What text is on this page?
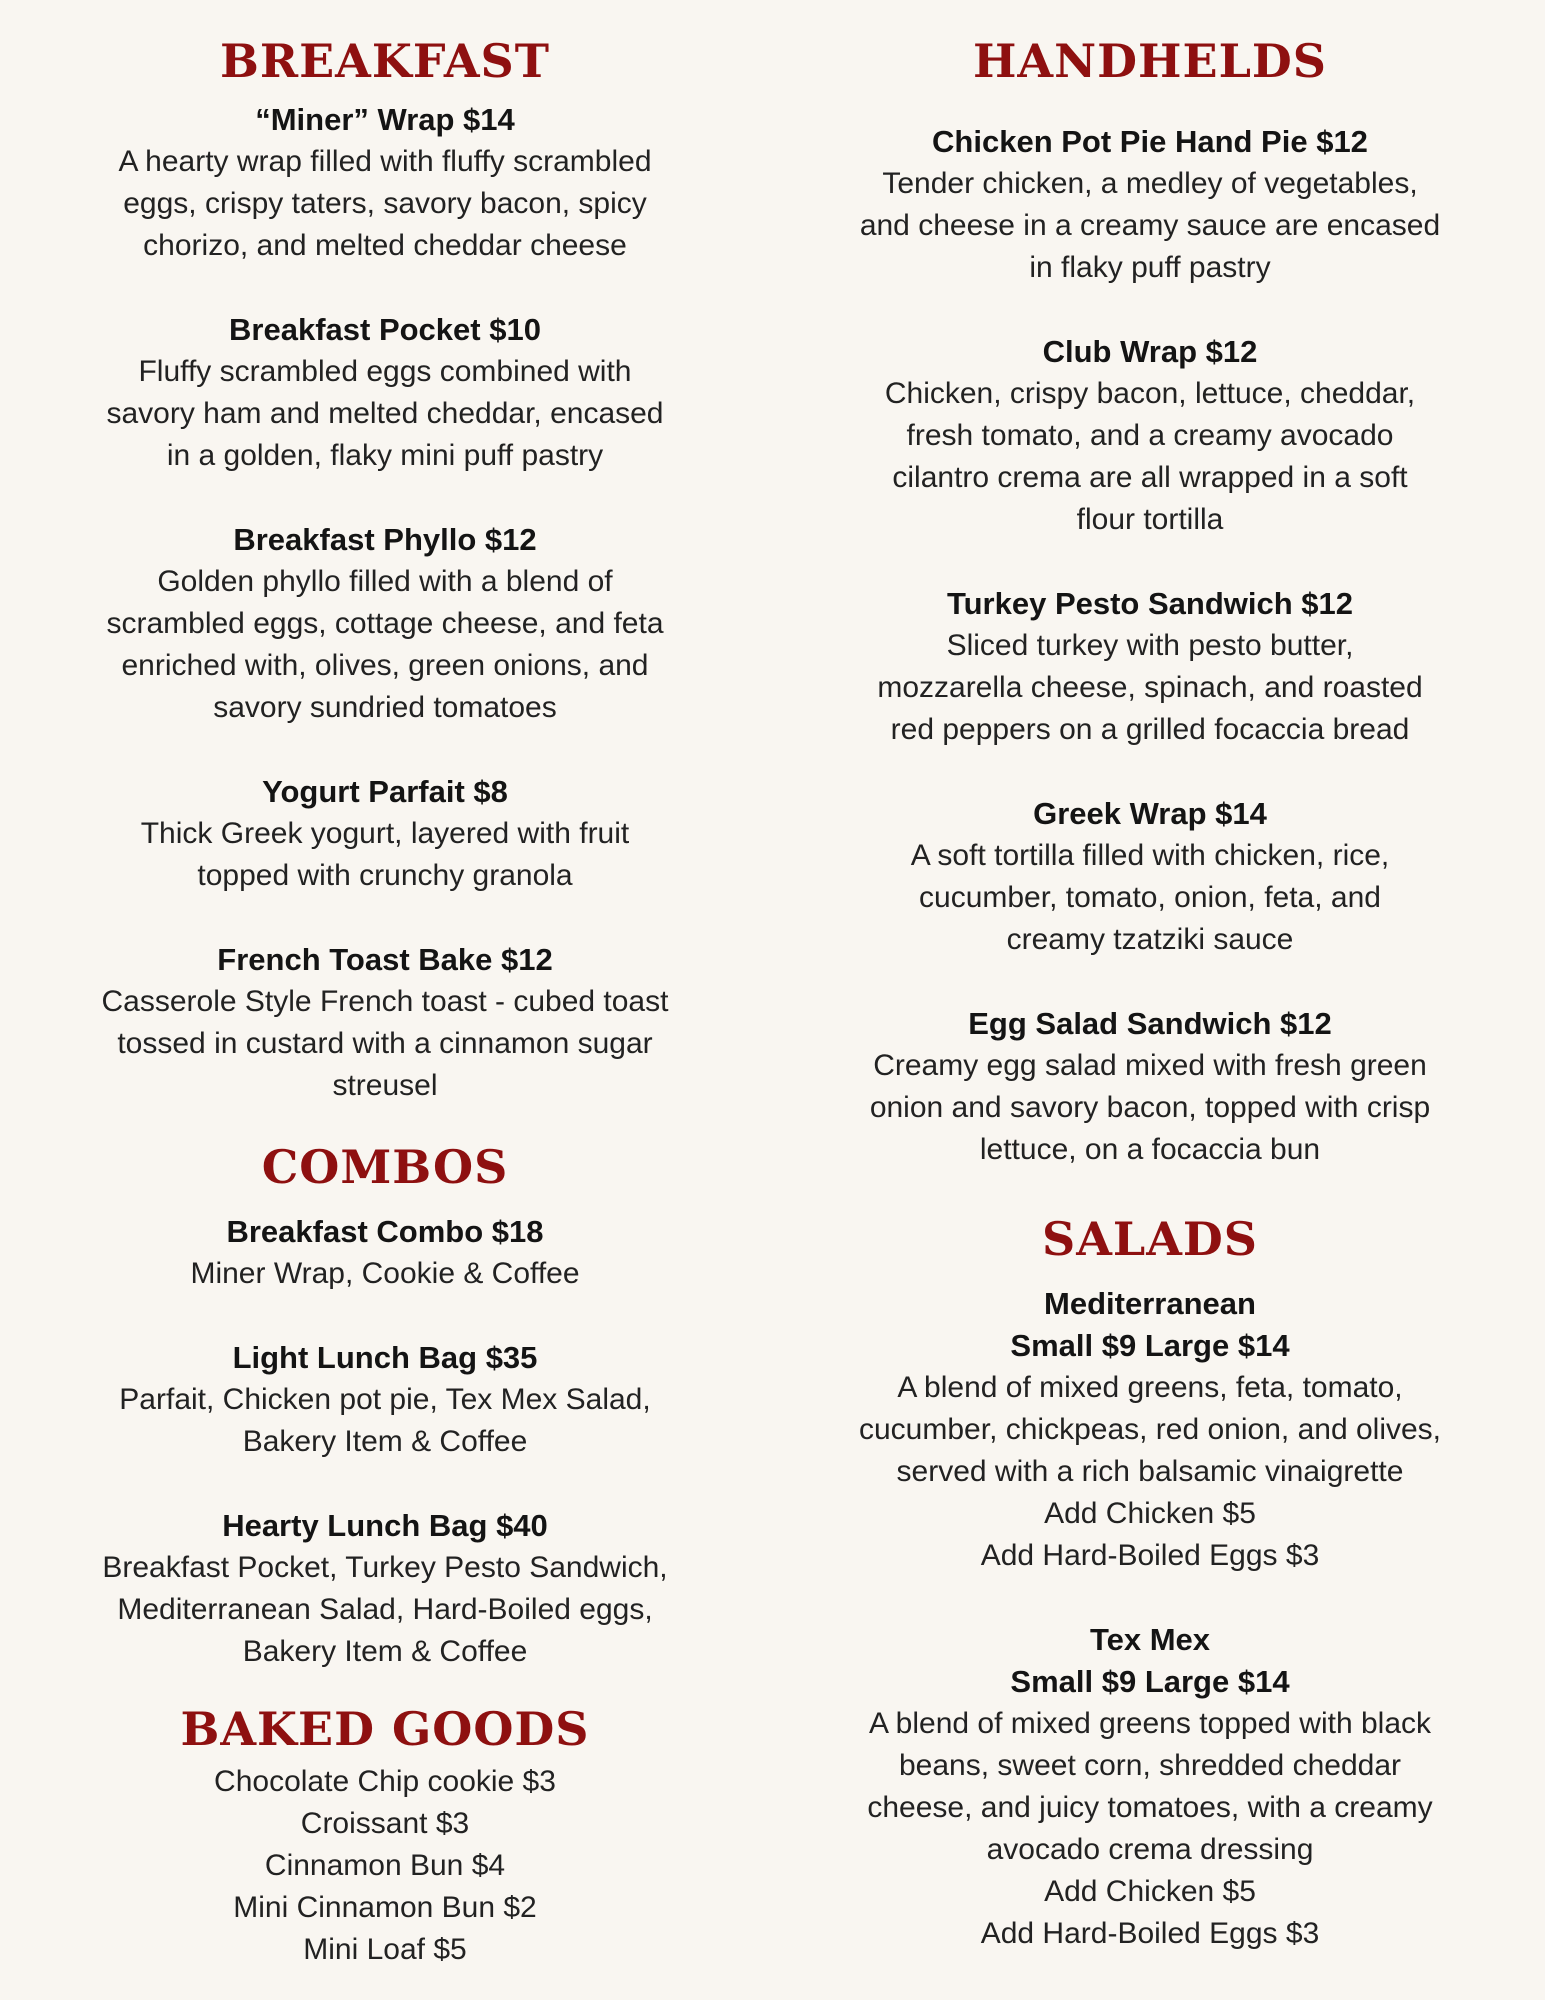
BREAKFAST
“Miner” Wrap $14
A hearty wrap filled with fluffy scrambled
eggs, crispy taters, savory bacon, spicy
chorizo, and melted cheddar cheese
Breakfast Pocket $10
Fluffy scrambled eggs combined with
savory ham and melted cheddar, encased
in a golden, flaky mini puff pastry
Breakfast Phyllo $12
Golden phyllo filled with a blend of
scrambled eggs, cottage cheese, and feta
enriched with, olives, green onions, and
savory sundried tomatoes
Yogurt Parfait $8
Thick Greek yogurt, layered with fruit
topped with crunchy granola
French Toast Bake $12
Casserole Style French toast - cubed toast
tossed in custard with a cinnamon sugar
streusel
COMBOS
Breakfast Combo $18
Miner Wrap, Cookie & Coffee
Light Lunch Bag $35
Parfait, Chicken pot pie, Tex Mex Salad,
Bakery Item & Coffee
Hearty Lunch Bag $40
Breakfast Pocket, Turkey Pesto Sandwich,
Mediterranean Salad, Hard-Boiled eggs,
Bakery Item & Coffee
BAKED GOODS
Chocolate Chip cookie $3
Croissant $3
Cinnamon Bun $4
Mini Cinnamon Bun $2
Mini Loaf $5
HANDHELDS
Chicken Pot Pie Hand Pie $12
Tender chicken, a medley of vegetables,
and cheese in a creamy sauce are encased
in flaky puff pastry
Club Wrap $12
Chicken, crispy bacon, lettuce, cheddar,
fresh tomato, and a creamy avocado
cilantro crema are all wrapped in a soft
flour tortilla
Turkey Pesto Sandwich $12
Sliced turkey with pesto butter,
mozzarella cheese, spinach, and roasted
red peppers on a grilled focaccia bread
Greek Wrap $14
A soft tortilla filled with chicken, rice,
cucumber, tomato, onion, feta, and
creamy tzatziki sauce
Egg Salad Sandwich $12
Creamy egg salad mixed with fresh green
onion and savory bacon, topped with crisp
lettuce, on a focaccia bun
SALADS
Mediterranean
Small $9 Large $14
A blend of mixed greens, feta, tomato,
cucumber, chickpeas, red onion, and olives,
served with a rich balsamic vinaigrette
Add Chicken $5
Add Hard-Boiled Eggs $3
Tex Mex
Small $9 Large $14
A blend of mixed greens topped with black
beans, sweet corn, shredded cheddar
cheese, and juicy tomatoes, with a creamy
avocado crema dressing
Add Chicken $5
Add Hard-Boiled Eggs $3
